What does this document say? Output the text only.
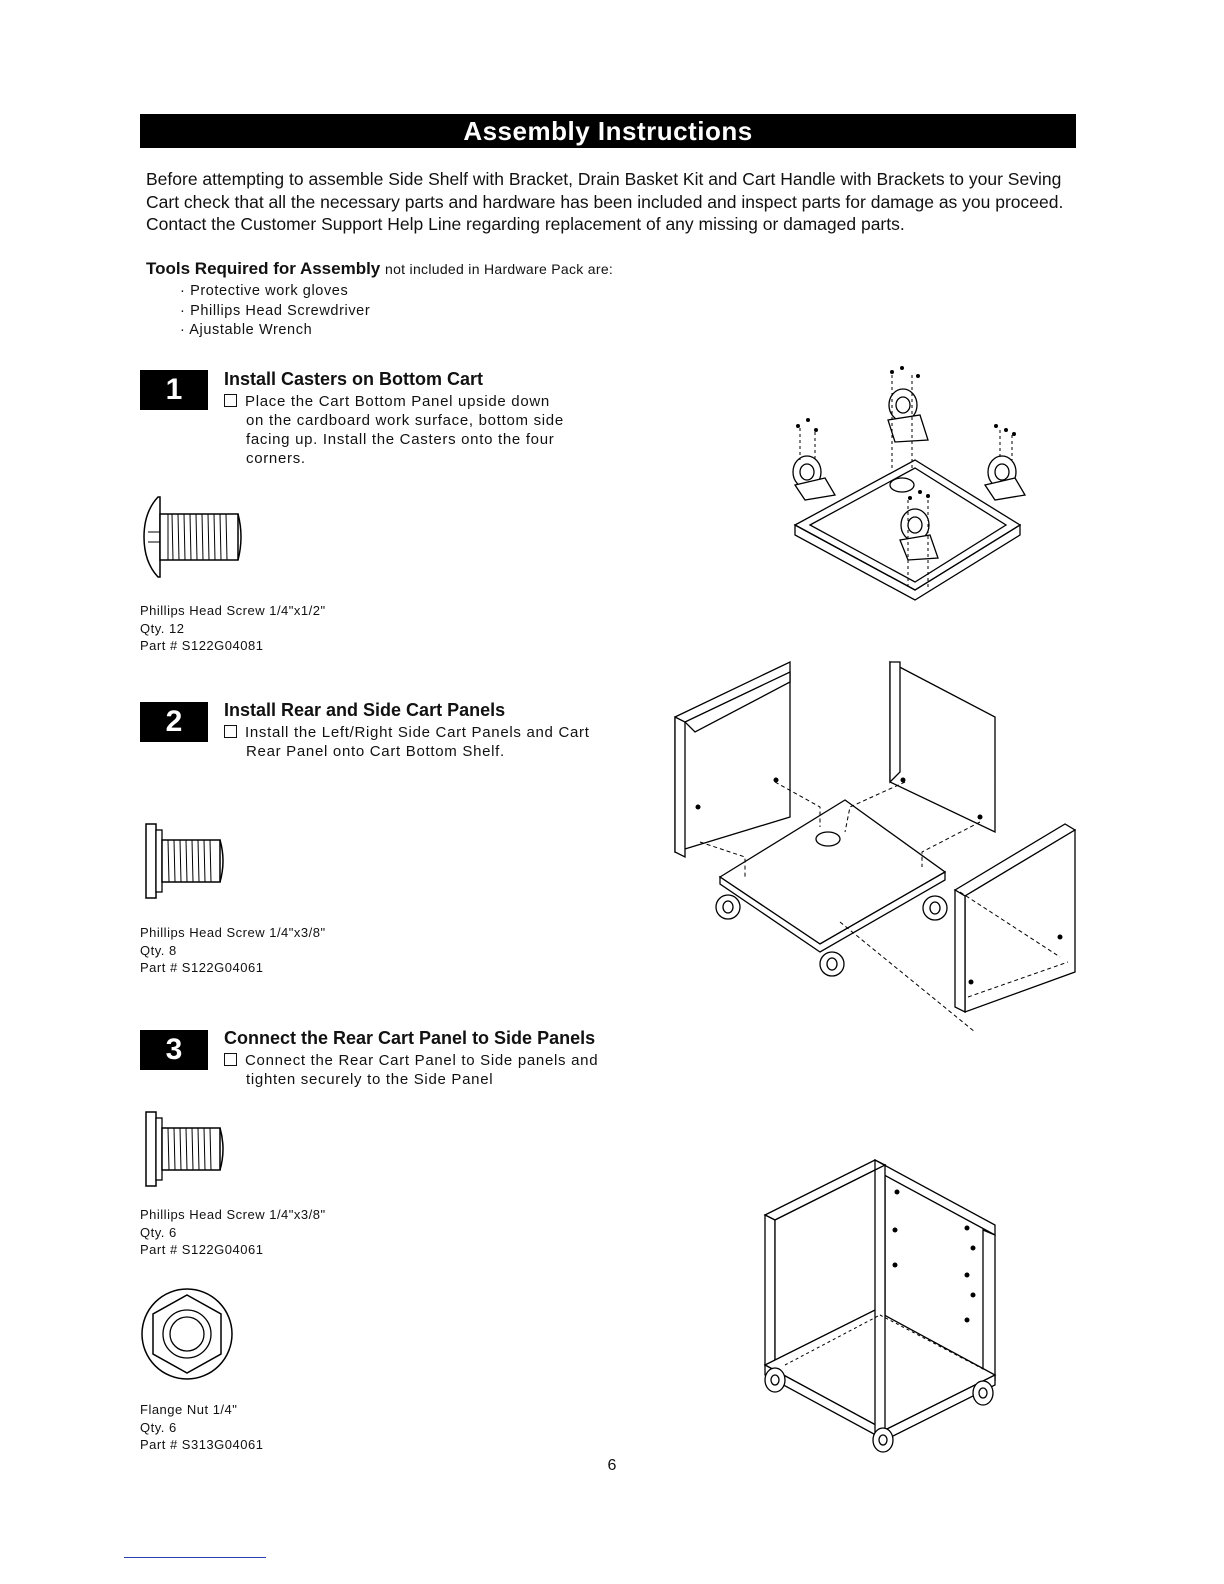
Assembly Instructions
Before attempting to assemble Side Shelf with Bracket, Drain Basket Kit and Cart Handle with Brackets to your Seving Cart check that all the necessary parts and hardware has been included and inspect parts for damage as you proceed. Contact the Customer Support Help Line regarding replacement of any missing or damaged parts.
Tools Required for Assembly not included in Hardware Pack are:
· Protective work gloves
· Phillips Head Screwdriver
· Ajustable Wrench
1	Install Casters on Bottom Cart
Place the Cart Bottom Panel upside down
on the cardboard work surface, bottom side
facing up. Install the Casters onto the four
corners.
Phillips Head Screw 1/4"x1/2"
Qty. 12
Part # S122G04081
2	Install Rear and Side Cart Panels
Install the Left/Right Side Cart Panels and Cart
Rear Panel onto Cart Bottom Shelf.
Phillips Head Screw 1/4"x3/8"
Qty. 8
Part # S122G04061
3	Connect the Rear Cart Panel to Side Panels
Connect the Rear Cart Panel to Side panels and
tighten securely to the Side Panel
Phillips Head Screw 1/4"x3/8"
Qty. 6
Part # S122G04061
Flange Nut 1/4"
Qty. 6
Part # S313G04061
6
